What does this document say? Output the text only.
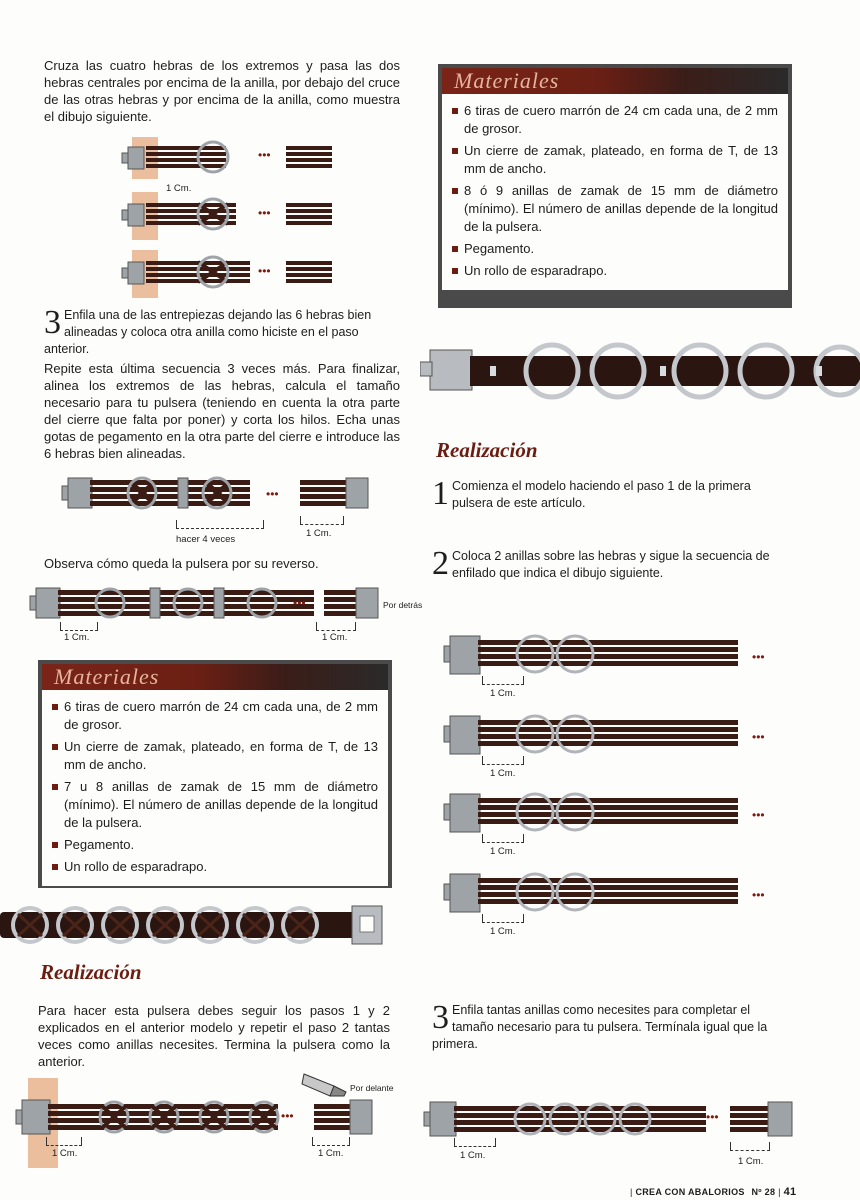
Cruza las cuatro hebras de los extremos y pasa las dos hebras centrales por encima de la anilla, por debajo del cruce de las otras hebras y por encima de la anilla, como muestra el dibujo siguiente.

•••
•••
•••
1 Cm.
3 Enfila una de las entrepiezas dejando las 6 hebras bien alineadas y coloca otra anilla como hiciste en el paso anterior.

Repite esta última secuencia 3 veces más. Para finalizar, alinea los extremos de las hebras, calcula el tamaño necesario para tu pulsera (teniendo en cuenta la otra parte del cierre que falta por poner) y corta los hilos. Echa unas gotas de pegamento en la otra parte del cierre e introduce las 6 hebras bien alineadas.

•••
hacer 4 veces
1 Cm.

Observa cómo queda la pulsera por su reverso.

•••	Por detrás
1 Cm.	1 Cm.
Materiales
6 tiras de cuero marrón de 24 cm cada una, de 2 mm de grosor.
Un cierre de zamak, plateado, en forma de T, de 13 mm de ancho.
7 u 8 anillas de zamak de 15 mm de diámetro (mínimo). El número de anillas depende de la longitud de la pulsera.
Pegamento.
Un rollo de esparadrapo.
Realización

Para hacer esta pulsera debes seguir los pasos 1 y 2 explicados en el anterior modelo y repetir el paso 2 tantas veces como anillas necesites. Termina la pulsera como la anterior.

Por delante
•••
1 Cm.	1 Cm.
Materiales
6 tiras de cuero marrón de 24 cm cada una, de 2 mm de grosor.
Un cierre de zamak, plateado, en forma de T, de 13 mm de ancho.
8 ó 9 anillas de zamak de 15 mm de diámetro (mínimo). El número de anillas depende de la longitud de la pulsera.
Pegamento.
Un rollo de esparadrapo.
Realización
1 Comienza el modelo haciendo el paso 1 de la primera pulsera de este artículo.

2 Coloca 2 anillas sobre las hebras y sigue la secuencia de enfilado que indica el dibujo siguiente.

•••
•••
•••
•••
1 Cm.
1 Cm.
1 Cm.
1 Cm.
3 Enfila tantas anillas como necesites para completar el tamaño necesario para tu pulsera. Termínala igual que la primera.

•••
1 Cm.
1 Cm.
| CREA CON ABALORIOS Nº 28 | 41
